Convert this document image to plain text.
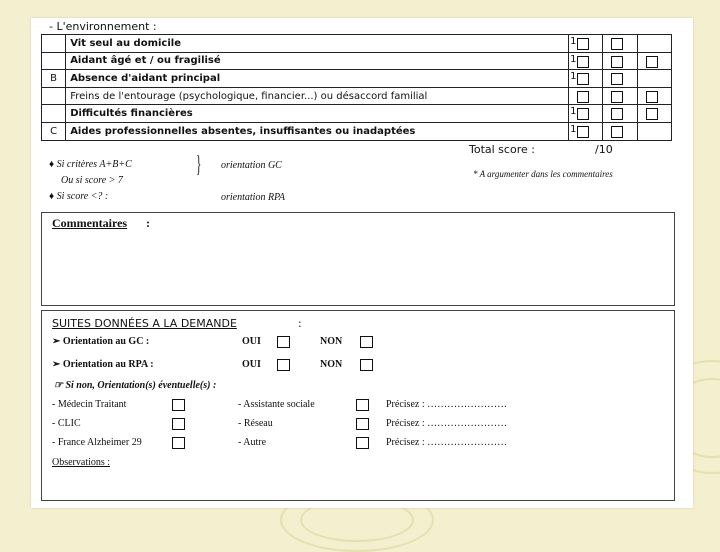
- L'environnement :
	Vit seul au domicile	1		

	Aidant âgé et / ou fragilisé	1		

B	Absence d'aidant principal	1		

	Freins de l'entourage (psychologique, financier...) ou désaccord familial	

	Difficultés financières	1		

C	Aides professionnelles absentes, insuffisantes ou inadaptées	1		

Total score :	/10
♦ Si critères A+B+C
Ou si score > 7
} orientation GC
♦ Si score <? :	orientation RPA
* A argumenter dans les commentaires
Commentaires :
SUITES DONNÉES A LA DEMANDE	:
➢ Orientation au GC :	OUI	NON
➢ Orientation au RPA :	OUI	NON
☞ Si non, Orientation(s) éventuelle(s) :
- Médecin Traitant	- Assistante sociale	Précisez : ……………………
- CLIC	- Réseau	Précisez : ……………………
- France Alzheimer 29	- Autre	Précisez : ……………………
Observations :
